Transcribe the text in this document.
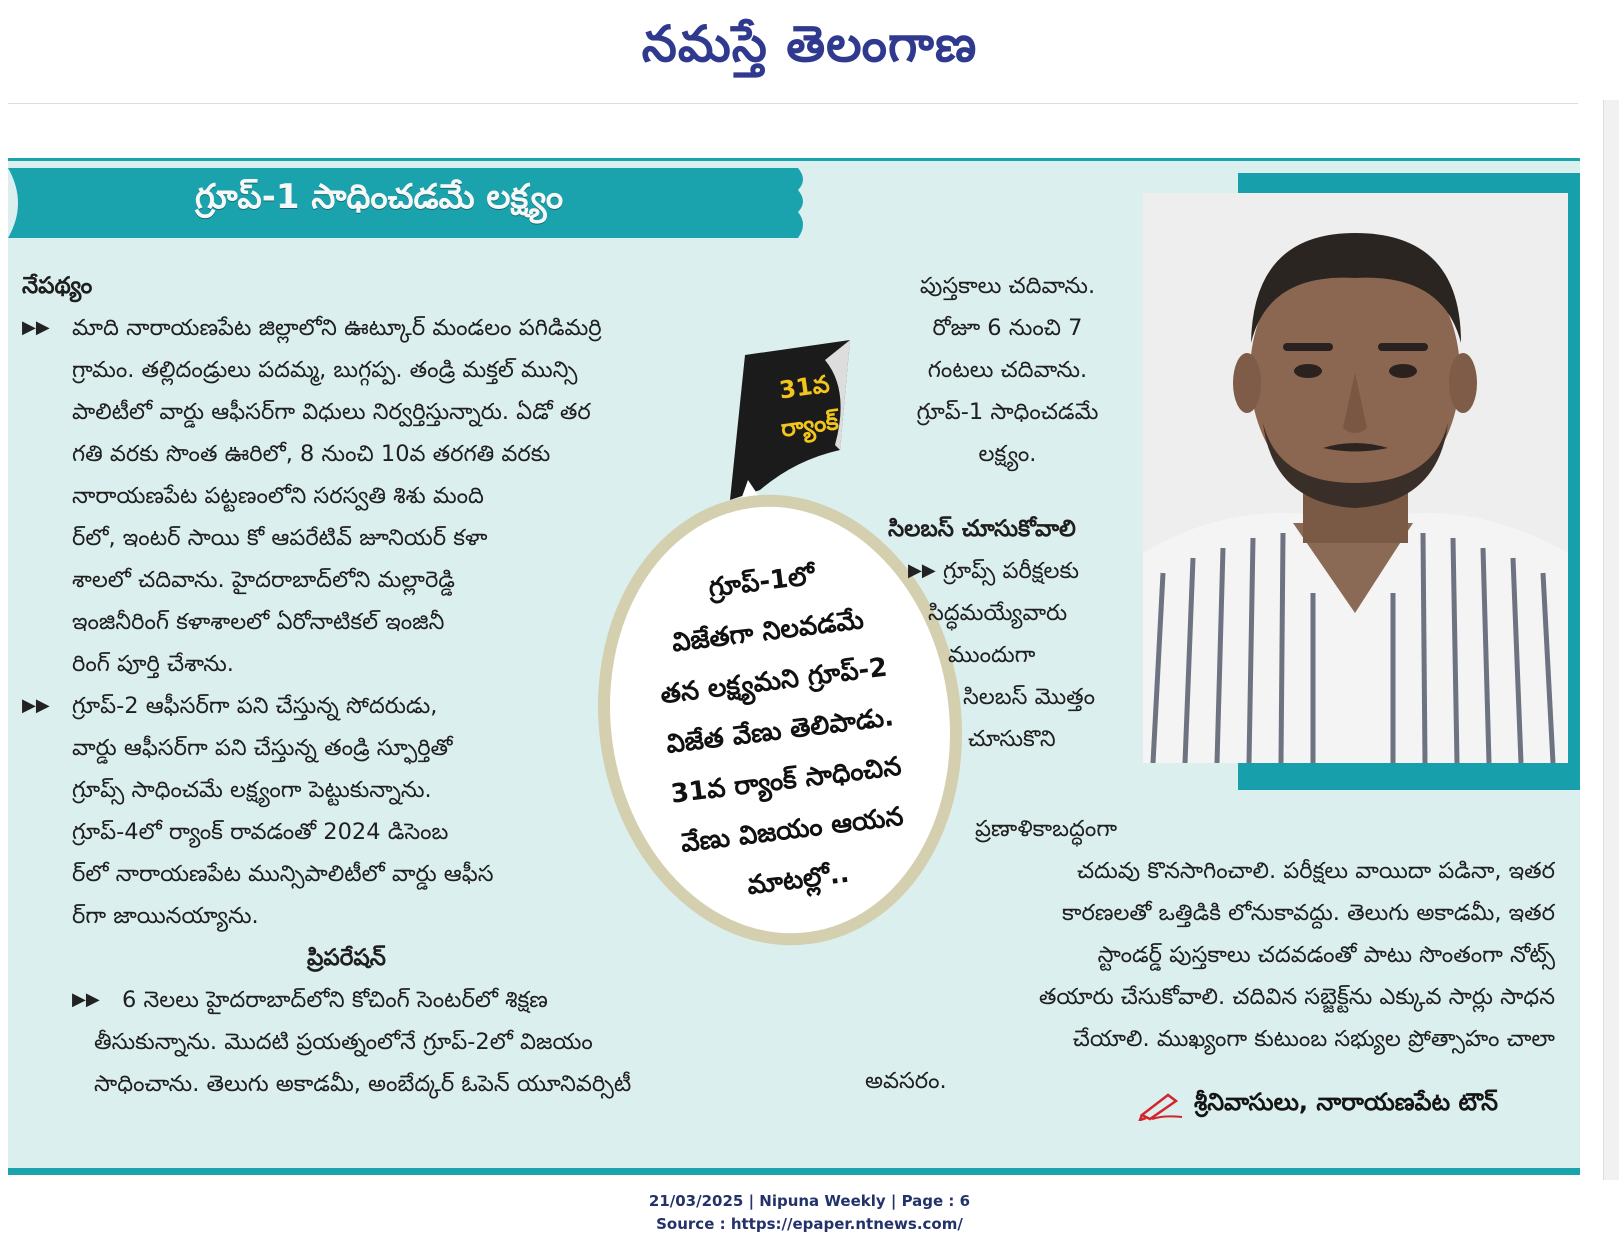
నమస్తే తెలంగాణ
గ్రూప్-1 సాధించడమే లక్ష్యం

నేపథ్యం

▶▶ మాది నారాయణపేట జిల్లాలోని ఊట్కూర్ మండలం పగిడిమర్రి

గ్రామం. తల్లిదండ్రులు పదమ్మ, బుగ్గప్ప. తండ్రి మక్తల్ మున్సి

పాలిటీలో వార్డు ఆఫీసర్‌గా విధులు నిర్వర్తిస్తున్నారు. ఏడో తర

గతి వరకు సొంత ఊరిలో, 8 నుంచి 10వ తరగతి వరకు

నారాయణపేట పట్టణంలోని సరస్వతి శిశు మంది

ర్‌లో, ఇంటర్ సాయి కో ఆపరేటివ్ జూనియర్ కళా

శాలలో చదివాను. హైదరాబాద్‌లోని మల్లారెడ్డి

ఇంజినీరింగ్ కళాశాలలో ఏరోనాటికల్ ఇంజినీ

రింగ్ పూర్తి చేశాను.

▶▶ గ్రూప్-2 ఆఫీసర్‌గా పని చేస్తున్న సోదరుడు,

వార్డు ఆఫీసర్‌గా పని చేస్తున్న తండ్రి స్ఫూర్తితో

గ్రూప్స్ సాధించమే లక్ష్యంగా పెట్టుకున్నాను.

గ్రూప్-4లో ర్యాంక్ రావడంతో 2024 డిసెంబ

ర్‌లో నారాయణపేట మున్సిపాలిటీలో వార్డు ఆఫీస

ర్‌గా జాయినయ్యాను.

ప్రిపరేషన్

▶▶ 6 నెలలు హైదరాబాద్‌లోని కోచింగ్ సెంటర్‌లో శిక్షణ

తీసుకున్నాను. మొదటి ప్రయత్నంలోనే గ్రూప్-2లో విజయం

సాధించాను. తెలుగు అకాడమీ, అంబేద్కర్ ఓపెన్ యూనివర్సిటీ

31వ
ర్యాంక్
గ్రూప్-1లో
విజేతగా నిలవడమే
తన లక్ష్యమని గ్రూప్-2
విజేత వేణు తెలిపాడు.
31వ ర్యాంక్ సాధించిన
వేణు విజయం ఆయన
మాటల్లో..

పుస్తకాలు చదివాను.

రోజూ 6 నుంచి 7

గంటలు చదివాను.

గ్రూప్-1 సాధించడమే

లక్ష్యం.

సిలబస్ చూసుకోవాలి

▶▶ గ్రూప్స్ పరీక్షలకు

సిద్ధమయ్యేవారు

ముందుగా

సిలబస్ మొత్తం

చూసుకొని

ప్రణాళికాబద్ధంగా

చదువు కొనసాగించాలి. పరీక్షలు వాయిదా పడినా, ఇతర

కారణలతో ఒత్తిడికి లోనుకావద్దు. తెలుగు అకాడమీ, ఇతర

స్టాండర్డ్ పుస్తకాలు చదవడంతో పాటు సొంతంగా నోట్స్

తయారు చేసుకోవాలి. చదివిన సబ్జెక్ట్‌ను ఎక్కువ సార్లు సాధన

చేయాలి. ముఖ్యంగా కుటుంబ సభ్యుల ప్రోత్సాహం చాలా

అవసరం.

శ్రీనివాసులు, నారాయణపేట టౌన్
21/03/2025 | Nipuna Weekly | Page : 6
Source : https://epaper.ntnews.com/
